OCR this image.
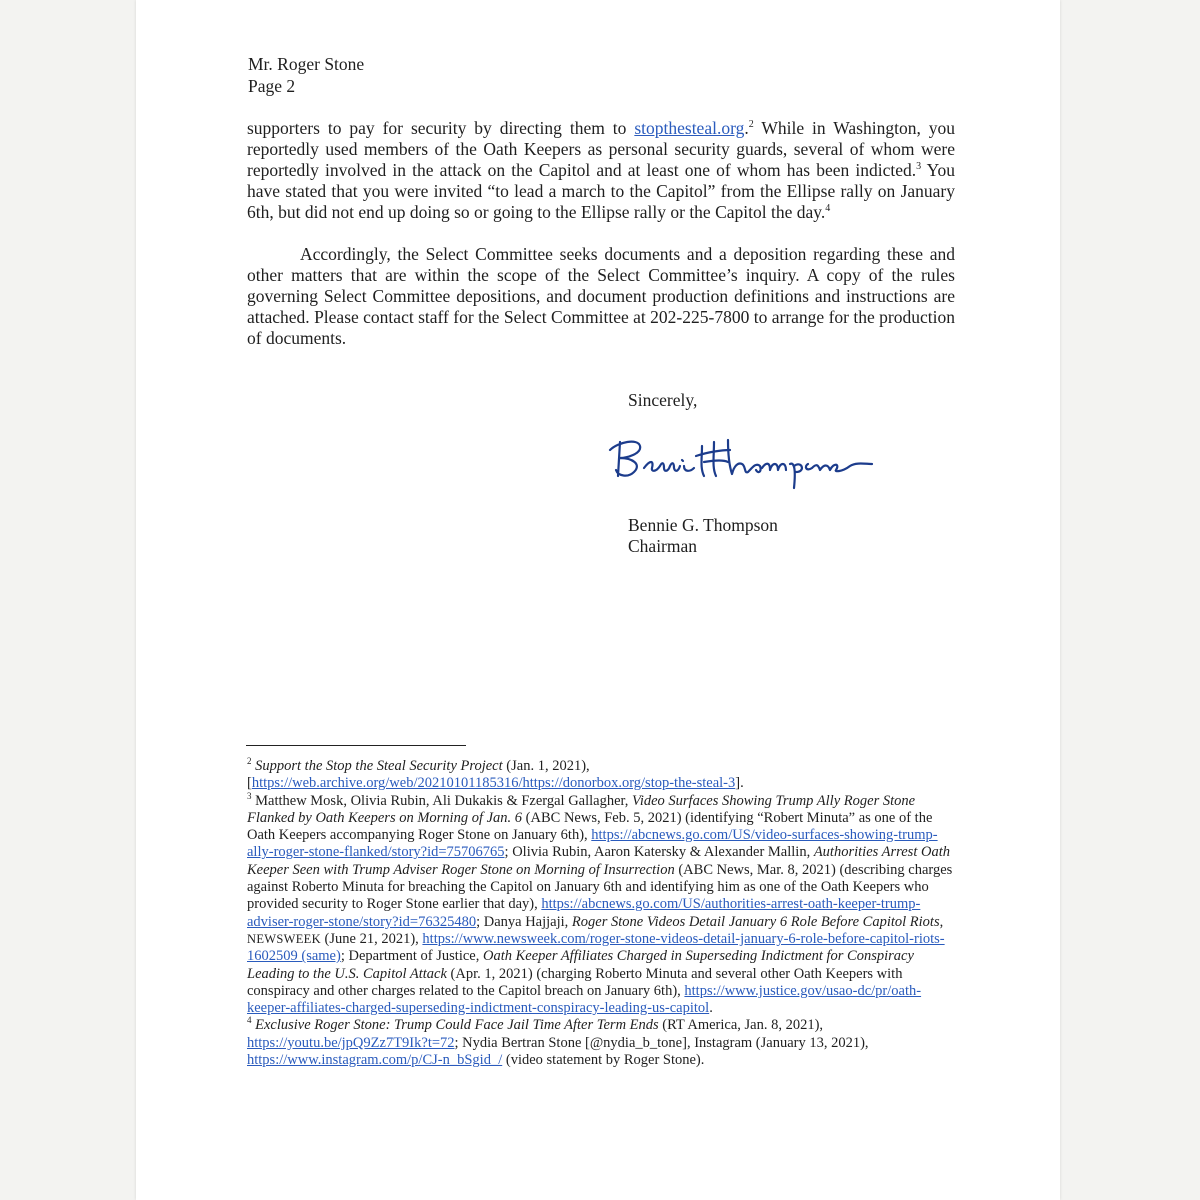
Mr. Roger Stone
Page 2

supporters to pay for security by directing them to stopthesteal.org.$^2$ While in Washington, you reportedly used members of the Oath Keepers as personal security guards, several of whom were reportedly involved in the attack on the Capitol and at least one of whom has been indicted.$^3$ You have stated that you were invited “to lead a march to the Capitol” from the Ellipse rally on January 6th, but did not end up doing so or going to the Ellipse rally or the Capitol the day.$^4$

Accordingly, the Select Committee seeks documents and a deposition regarding these and other matters that are within the scope of the Select Committee’s inquiry. A copy of the rules governing Select Committee depositions, and document production definitions and instructions are attached. Please contact staff for the Select Committee at 202-225-7800 to arrange for the production of documents.

Sincerely,
Bennie G. Thompson
Chairman

$^2$ Support the Stop the Steal Security Project (Jan. 1, 2021), [https://web.archive.org/web/20210101185316/https://donorbox.org/stop-the-steal-3].

$^3$ Matthew Mosk, Olivia Rubin, Ali Dukakis & Fzergal Gallagher, Video Surfaces Showing Trump Ally Roger Stone Flanked by Oath Keepers on Morning of Jan. 6 (ABC News, Feb. 5, 2021) (identifying “Robert Minuta” as one of the Oath Keepers accompanying Roger Stone on January 6th), https://abcnews.go.com/US/video-surfaces-showing-trump-ally-roger-stone-flanked/story?id=75706765; Olivia Rubin, Aaron Katersky & Alexander Mallin, Authorities Arrest Oath Keeper Seen with Trump Adviser Roger Stone on Morning of Insurrection (ABC News, Mar. 8, 2021) (describing charges against Roberto Minuta for breaching the Capitol on January 6th and identifying him as one of the Oath Keepers who provided security to Roger Stone earlier that day), https://abcnews.go.com/US/authorities-arrest-oath-keeper-trump-adviser-roger-stone/story?id=76325480; Danya Hajjaji, Roger Stone Videos Detail January 6 Role Before Capitol Riots, NEWSWEEK (June 21, 2021), https://www.newsweek.com/roger-stone-videos-detail-january-6-role-before-capitol-riots-1602509 (same); Department of Justice, Oath Keeper Affiliates Charged in Superseding Indictment for Conspiracy Leading to the U.S. Capitol Attack (Apr. 1, 2021) (charging Roberto Minuta and several other Oath Keepers with conspiracy and other charges related to the Capitol breach on January 6th), https://www.justice.gov/usao-dc/pr/oath-keeper-affiliates-charged-superseding-indictment-conspiracy-leading-us-capitol.

$^4$ Exclusive Roger Stone: Trump Could Face Jail Time After Term Ends (RT America, Jan. 8, 2021), https://youtu.be/jpQ9Zz7T9Ik?t=72; Nydia Bertran Stone [@nydia_b_tone], Instagram (January 13, 2021), https://www.instagram.com/p/CJ-n_bSgid_/ (video statement by Roger Stone).
